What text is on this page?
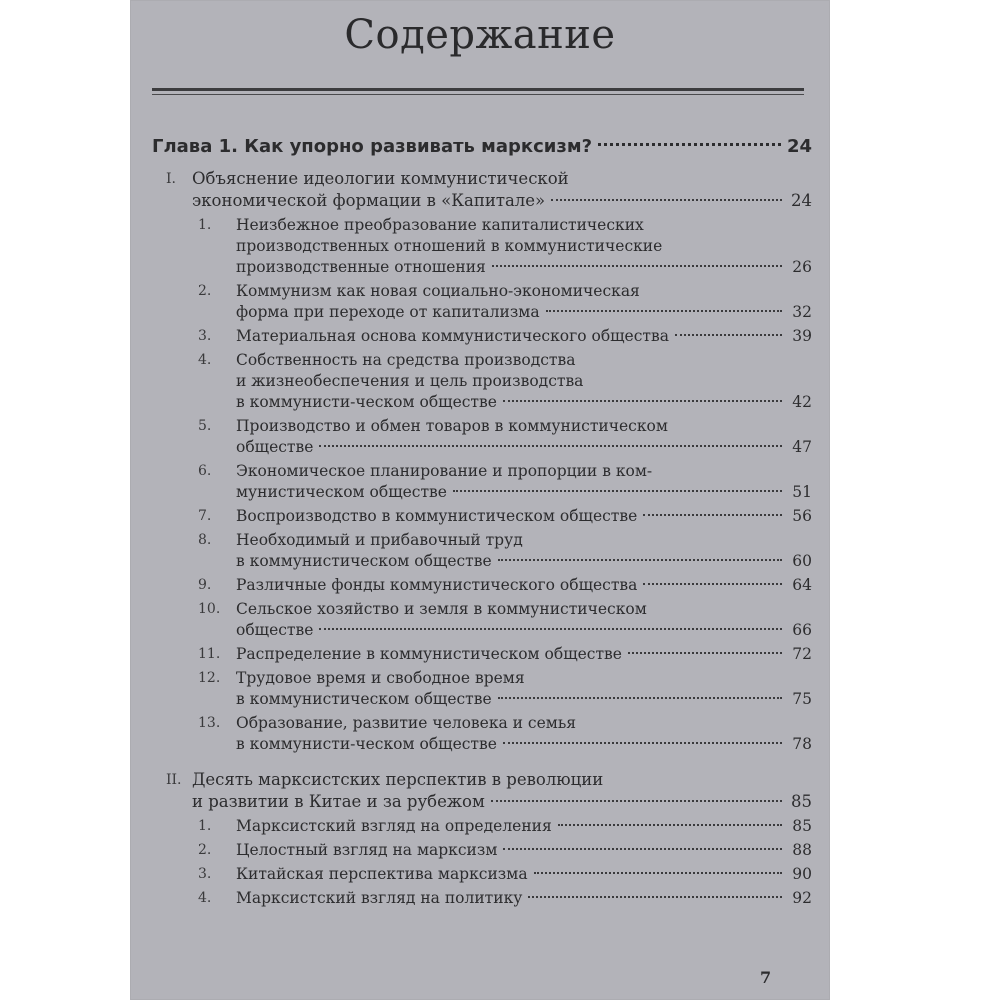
Содержание
Глава 1. Как упорно развивать марксизм?	24
I. Объяснение идеологии коммунистической
экономической формации в «Капитале»	24
1.	Неизбежное преобразование капиталистических
производственных отношений в коммунистические
производственные отношения	26
2.	Коммунизм как новая социально-экономическая
форма при переходе от капитализма	32
3.	Материальная основа коммунистического общества	39
4.	Собственность на средства производства
и жизнеобеспечения и цель производства
в коммунисти-ческом обществе	42
5.	Производство и обмен товаров в коммунистическом
обществе	47
6.	Экономическое планирование и пропорции в ком-
мунистическом обществе	51
7.	Воспроизводство в коммунистическом обществе	56
8.	Необходимый и прибавочный труд
в коммунистическом обществе	60
9.	Различные фонды коммунистического общества	64
10.	Сельское хозяйство и земля в коммунистическом
обществе	66
11.	Распределение в коммунистическом обществе	72
12.	Трудовое время и свободное время
в коммунистическом обществе	75
13.	Образование, развитие человека и семья
в коммунисти-ческом обществе	78
II. Десять марксистских перспектив в революции
и развитии в Китае и за рубежом	85
1.	Марксистский взгляд на определения	85
2.	Целостный взгляд на марксизм	88
3.	Китайская перспектива марксизма	90
4.	Марксистский взгляд на политику	92
7
